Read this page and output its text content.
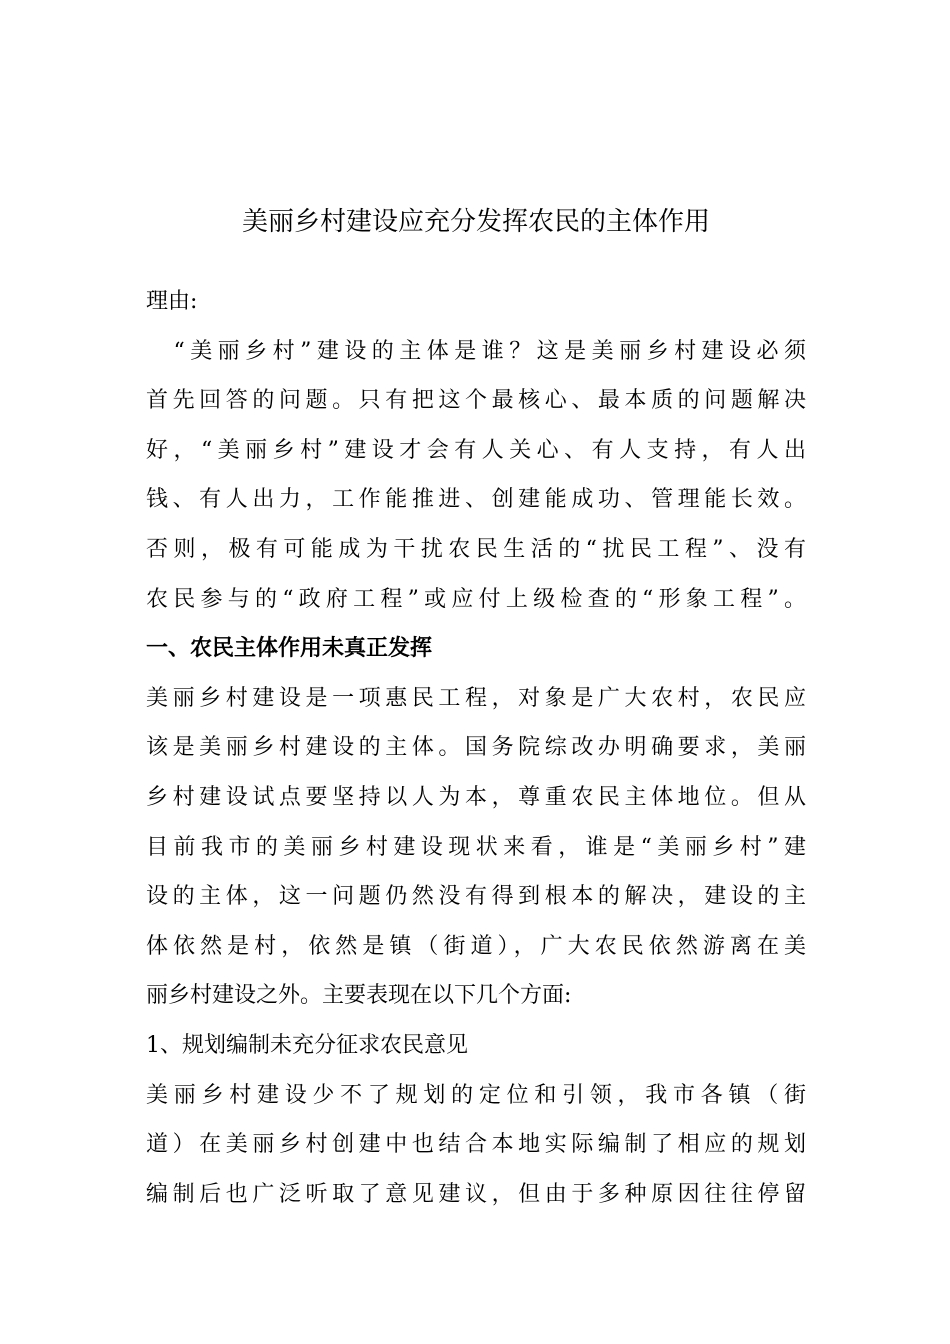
美丽乡村建设应充分发挥农民的主体作用
理由:
　“美丽乡村”建设的主体是谁？这是美丽乡村建设必须
首先回答的问题。只有把这个最核心、最本质的问题解决
好，“美丽乡村”建设才会有人关心、有人支持，有人出
钱、有人出力，工作能推进、创建能成功、管理能长效。
否则，极有可能成为干扰农民生活的“扰民工程”、没有
农民参与的“政府工程”或应付上级检查的“形象工程”。
一、农民主体作用未真正发挥
美丽乡村建设是一项惠民工程，对象是广大农村，农民应
该是美丽乡村建设的主体。国务院综改办明确要求，美丽
乡村建设试点要坚持以人为本，尊重农民主体地位。但从
目前我市的美丽乡村建设现状来看，谁是“美丽乡村”建
设的主体，这一问题仍然没有得到根本的解决，建设的主
体依然是村，依然是镇（街道），广大农民依然游离在美
丽乡村建设之外。主要表现在以下几个方面:
1、规划编制未充分征求农民意见
美丽乡村建设少不了规划的定位和引领，我市各镇（街
道）在美丽乡村创建中也结合本地实际编制了相应的规划
编制后也广泛听取了意见建议，但由于多种原因往往停留
